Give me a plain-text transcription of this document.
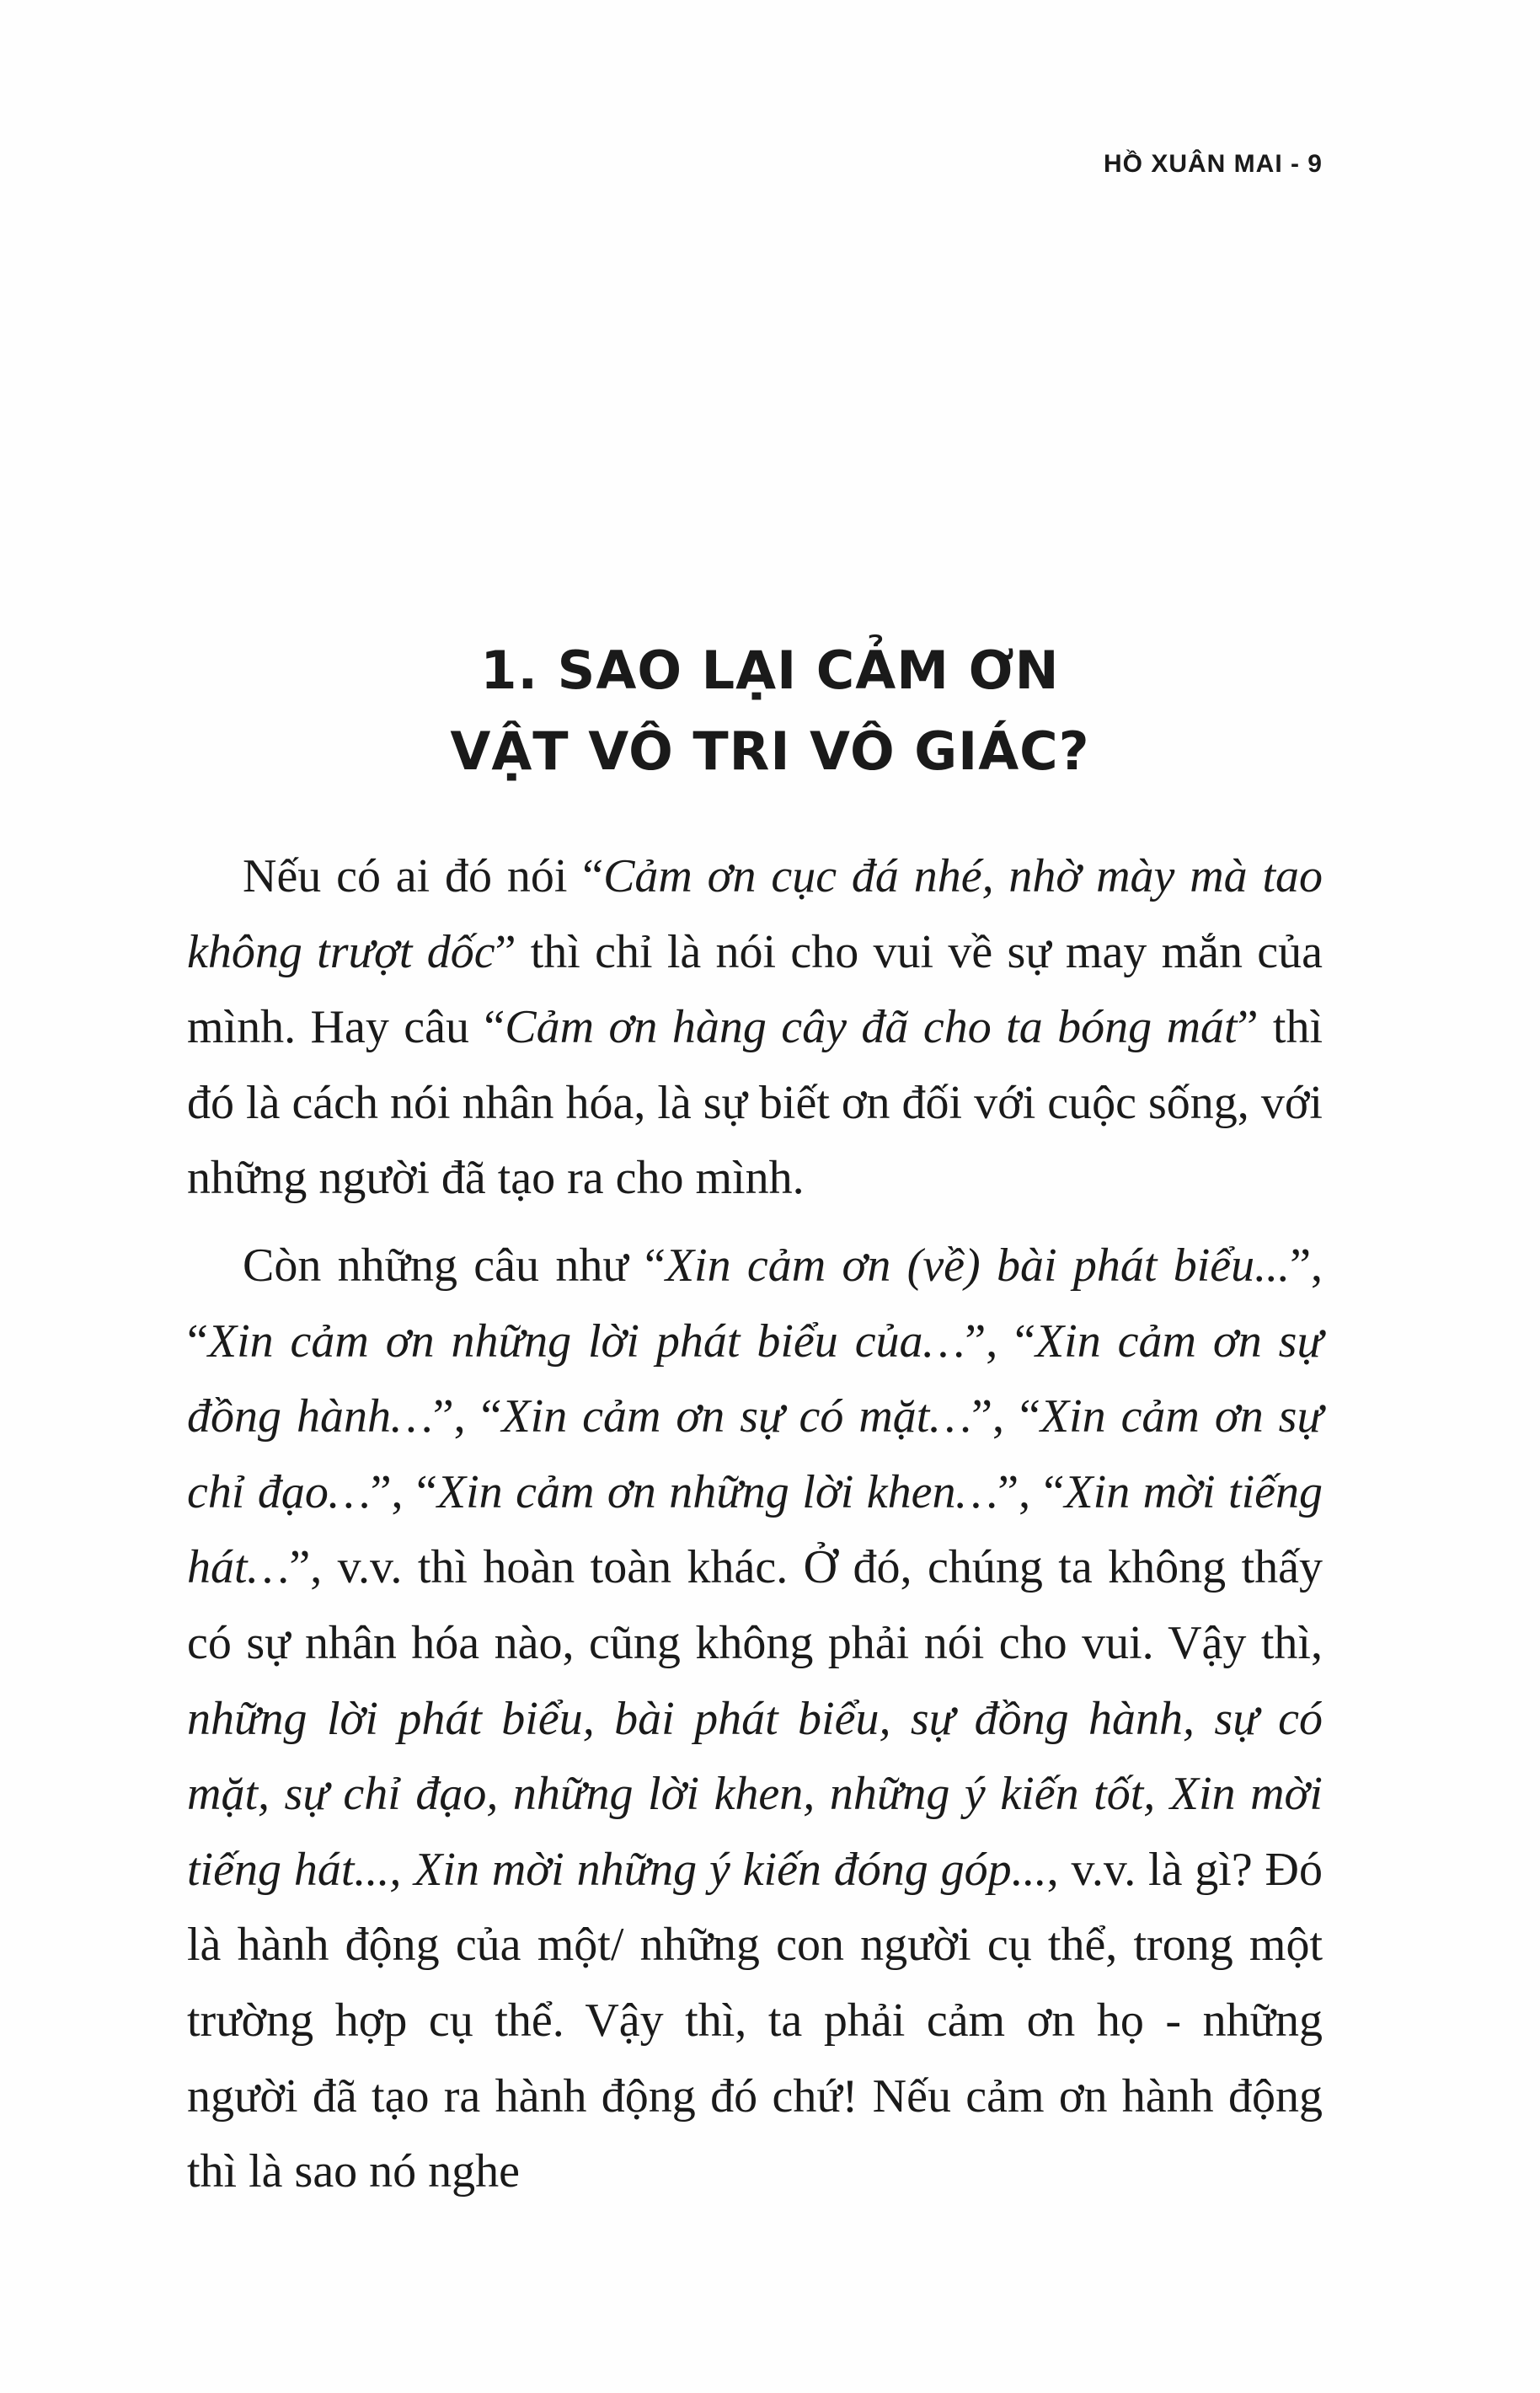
HỒ XUÂN MAI - 9
1. SAO LẠI CẢM ƠN
VẬT VÔ TRI VÔ GIÁC?

Nếu có ai đó nói “Cảm ơn cục đá nhé, nhờ mày mà tao không trượt dốc” thì chỉ là nói cho vui về sự may mắn của mình. Hay câu “Cảm ơn hàng cây đã cho ta bóng mát” thì đó là cách nói nhân hóa, là sự biết ơn đối với cuộc sống, với những người đã tạo ra cho mình.

Còn những câu như “Xin cảm ơn (về) bài phát biểu...”, “Xin cảm ơn những lời phát biểu của…”, “Xin cảm ơn sự đồng hành…”, “Xin cảm ơn sự có mặt…”, “Xin cảm ơn sự chỉ đạo…”, “Xin cảm ơn những lời khen…”, “Xin mời tiếng hát…”, v.v. thì hoàn toàn khác. Ở đó, chúng ta không thấy có sự nhân hóa nào, cũng không phải nói cho vui. Vậy thì, những lời phát biểu, bài phát biểu, sự đồng hành, sự có mặt, sự chỉ đạo, những lời khen, những ý kiến tốt, Xin mời tiếng hát..., Xin mời những ý kiến đóng góp..., v.v. là gì? Đó là hành động của một/ những con người cụ thể, trong một trường hợp cụ thể. Vậy thì, ta phải cảm ơn họ - những người đã tạo ra hành động đó chứ! Nếu cảm ơn hành động thì là sao nó nghe
